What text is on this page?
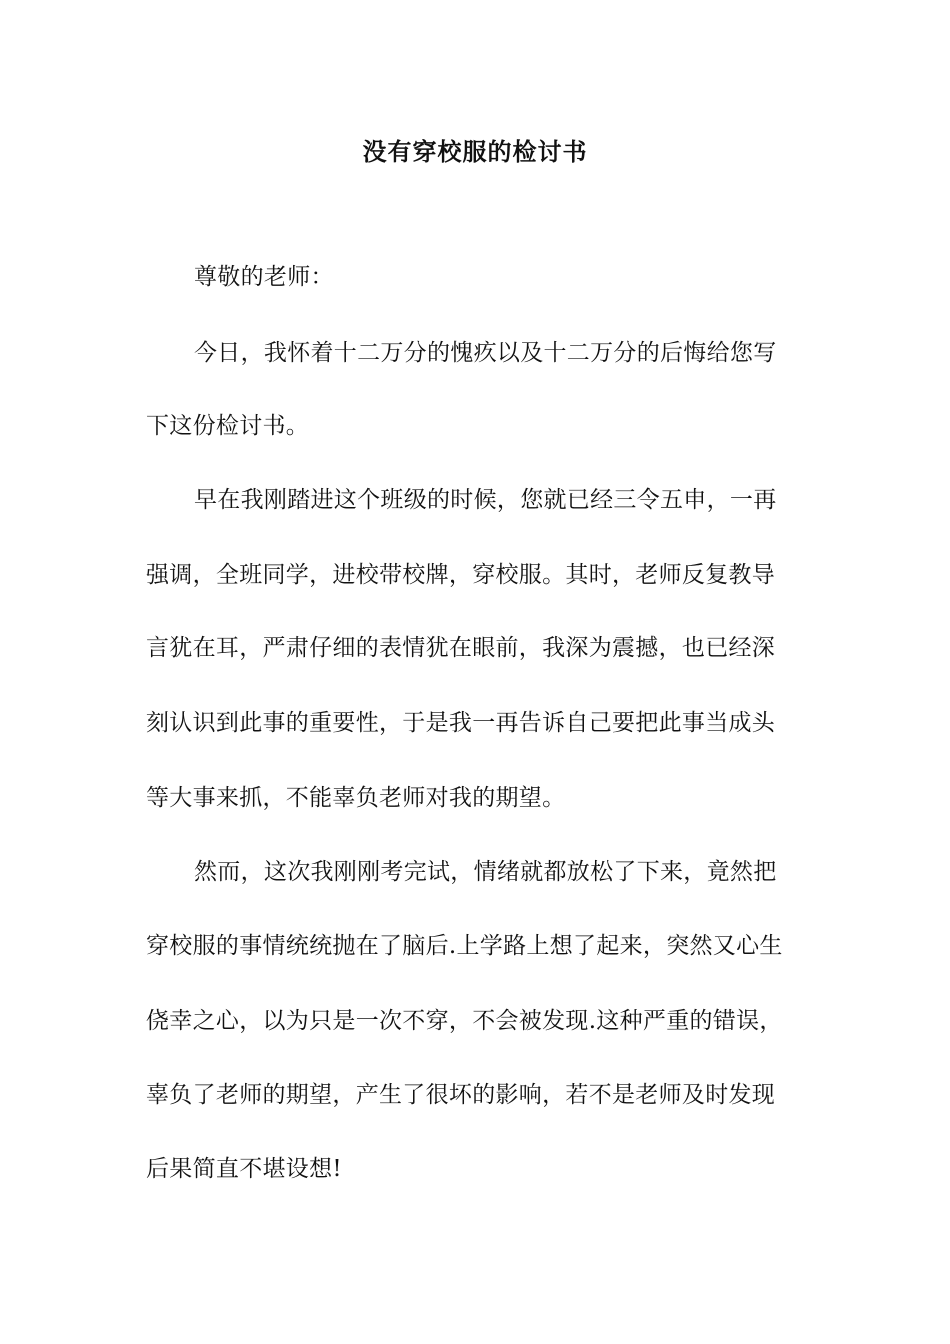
没有穿校服的检讨书
尊敬的老师：
今日，我怀着十二万分的愧疚以及十二万分的后悔给您写
下这份检讨书。
早在我刚踏进这个班级的时候，您就已经三令五申，一再
强调，全班同学，进校带校牌，穿校服。其时，老师反复教导
言犹在耳，严肃仔细的表情犹在眼前，我深为震撼，也已经深
刻认识到此事的重要性，于是我一再告诉自己要把此事当成头
等大事来抓，不能辜负老师对我的期望。
然而，这次我刚刚考完试，情绪就都放松了下来，竟然把
穿校服的事情统统抛在了脑后.上学路上想了起来，突然又心生
侥幸之心，以为只是一次不穿，不会被发现.这种严重的错误，
辜负了老师的期望，产生了很坏的影响，若不是老师及时发现
后果简直不堪设想!
